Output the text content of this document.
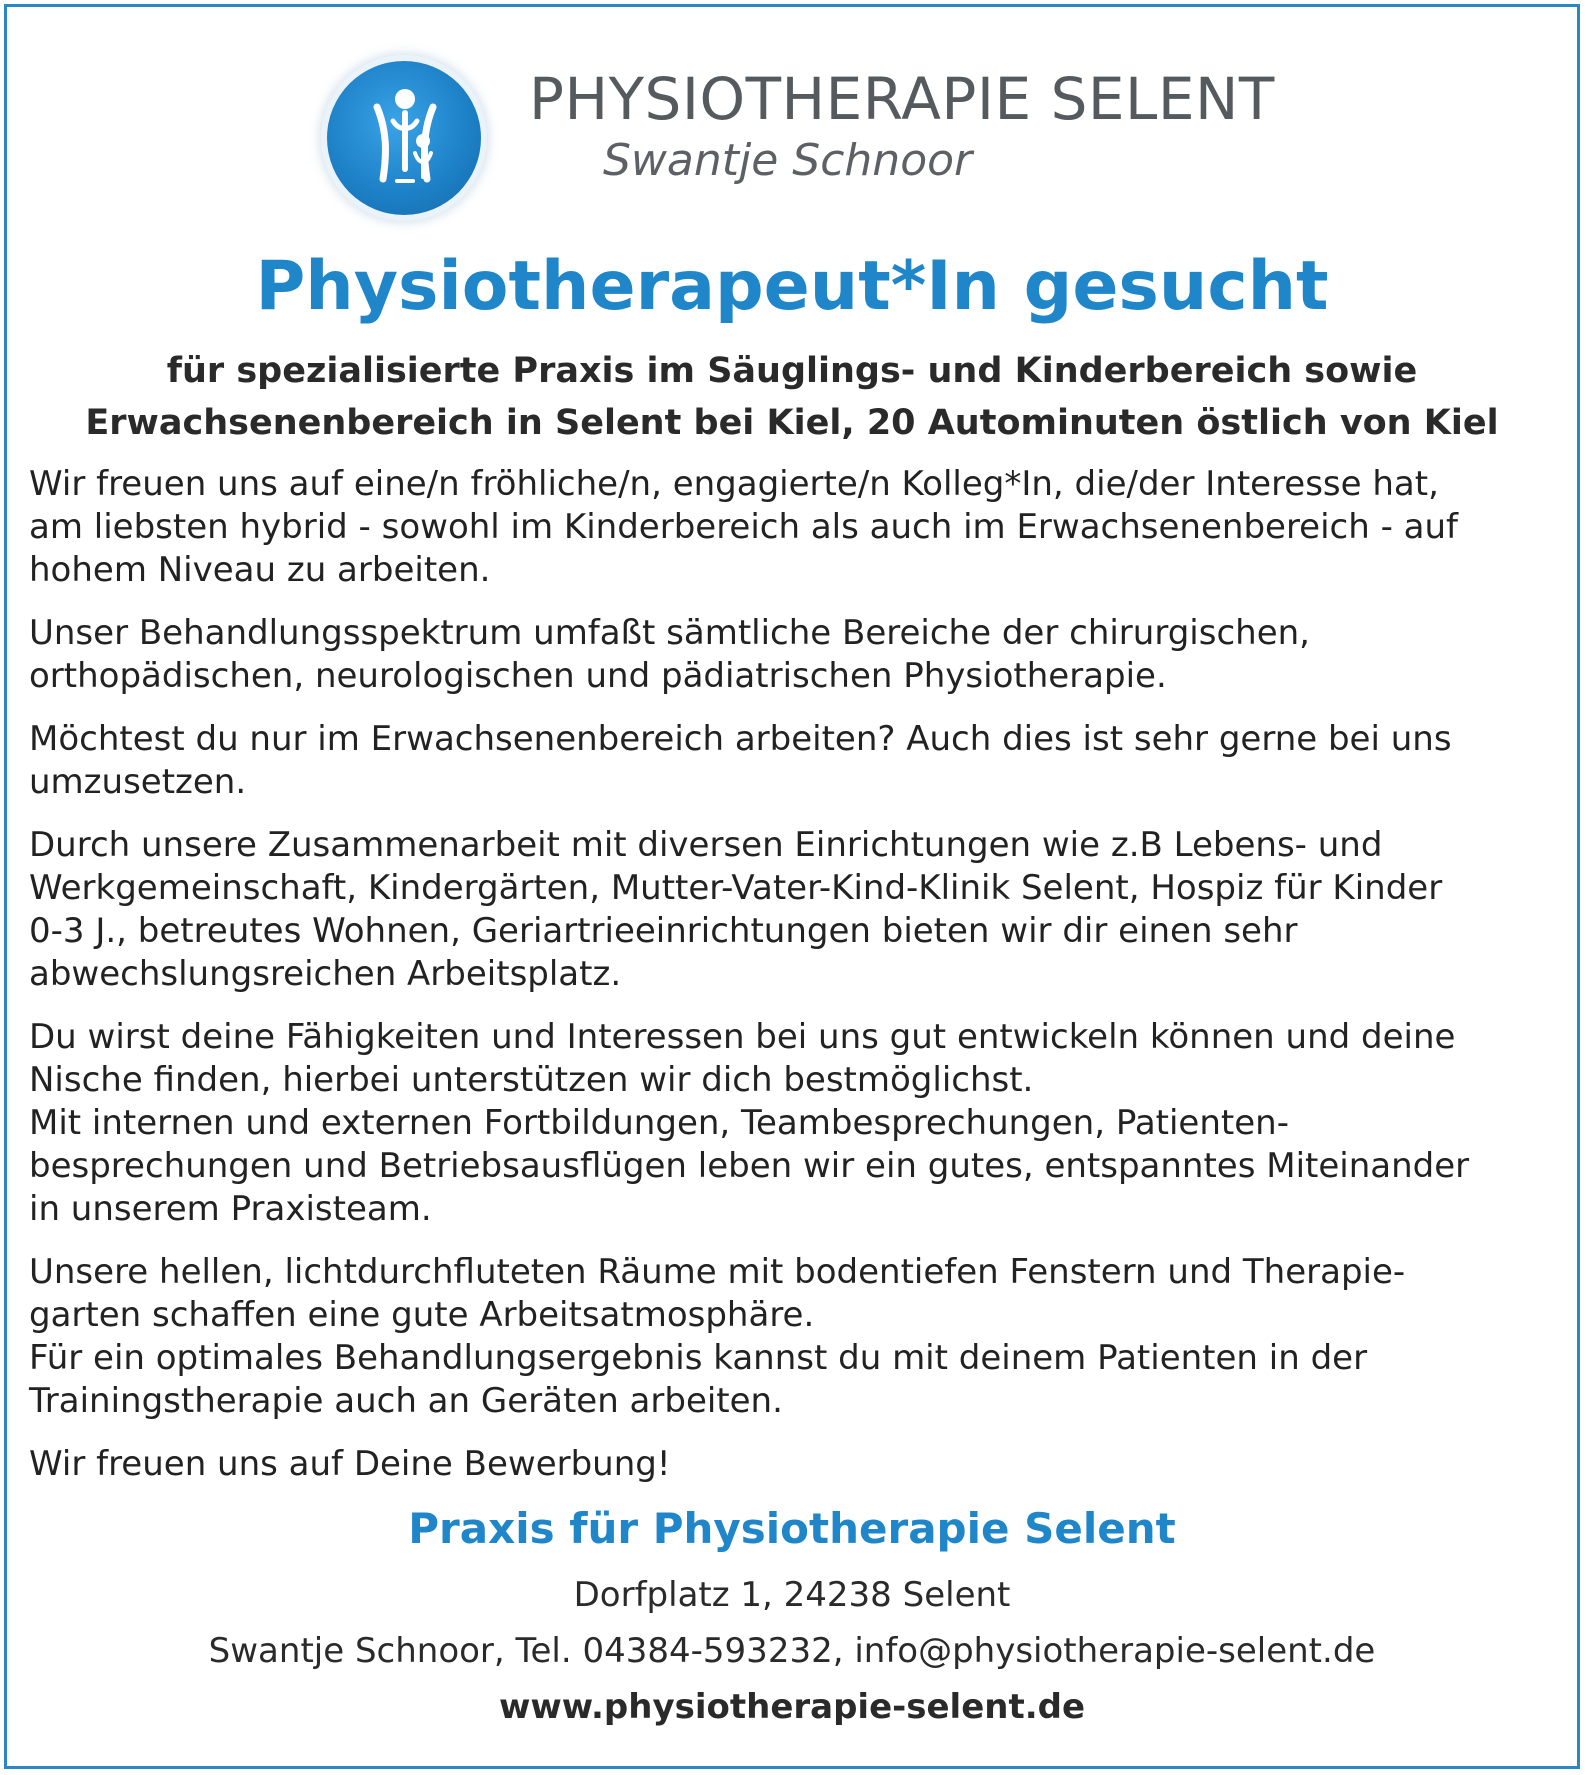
PHYSIOTHERAPIE SELENT
Swantje Schnoor
Physiotherapeut*In gesucht
für spezialisierte Praxis im Säuglings- und Kinderbereich sowie
Erwachsenenbereich in Selent bei Kiel, 20 Autominuten östlich von Kiel

Wir freuen uns auf eine/n fröhliche/n, engagierte/n Kolleg*In, die/der Interesse hat,
am liebsten hybrid - sowohl im Kinderbereich als auch im Erwachsenenbereich - auf
hohem Niveau zu arbeiten.

Unser Behandlungsspektrum umfaßt sämtliche Bereiche der chirurgischen,
orthopädischen, neurologischen und pädiatrischen Physiotherapie.

Möchtest du nur im Erwachsenenbereich arbeiten? Auch dies ist sehr gerne bei uns
umzusetzen.

Durch unsere Zusammenarbeit mit diversen Einrichtungen wie z.B Lebens- und
Werkgemeinschaft, Kindergärten, Mutter-Vater-Kind-Klinik Selent, Hospiz für Kinder
0-3 J., betreutes Wohnen, Geriartrieeinrichtungen bieten wir dir einen sehr
abwechslungsreichen Arbeitsplatz.

Du wirst deine Fähigkeiten und Interessen bei uns gut entwickeln können und deine
Nische finden, hierbei unterstützen wir dich bestmöglichst.
Mit internen und externen Fortbildungen, Teambesprechungen, Patienten-
besprechungen und Betriebsausflügen leben wir ein gutes, entspanntes Miteinander
in unserem Praxisteam.

Unsere hellen, lichtdurchfluteten Räume mit bodentiefen Fenstern und Therapie-
garten schaffen eine gute Arbeitsatmosphäre.
Für ein optimales Behandlungsergebnis kannst du mit deinem Patienten in der
Trainingstherapie auch an Geräten arbeiten.

Wir freuen uns auf Deine Bewerbung!

Praxis für Physiotherapie Selent
Dorfplatz 1, 24238 Selent
Swantje Schnoor, Tel. 04384-593232, info@physiotherapie-selent.de
www.physiotherapie-selent.de
